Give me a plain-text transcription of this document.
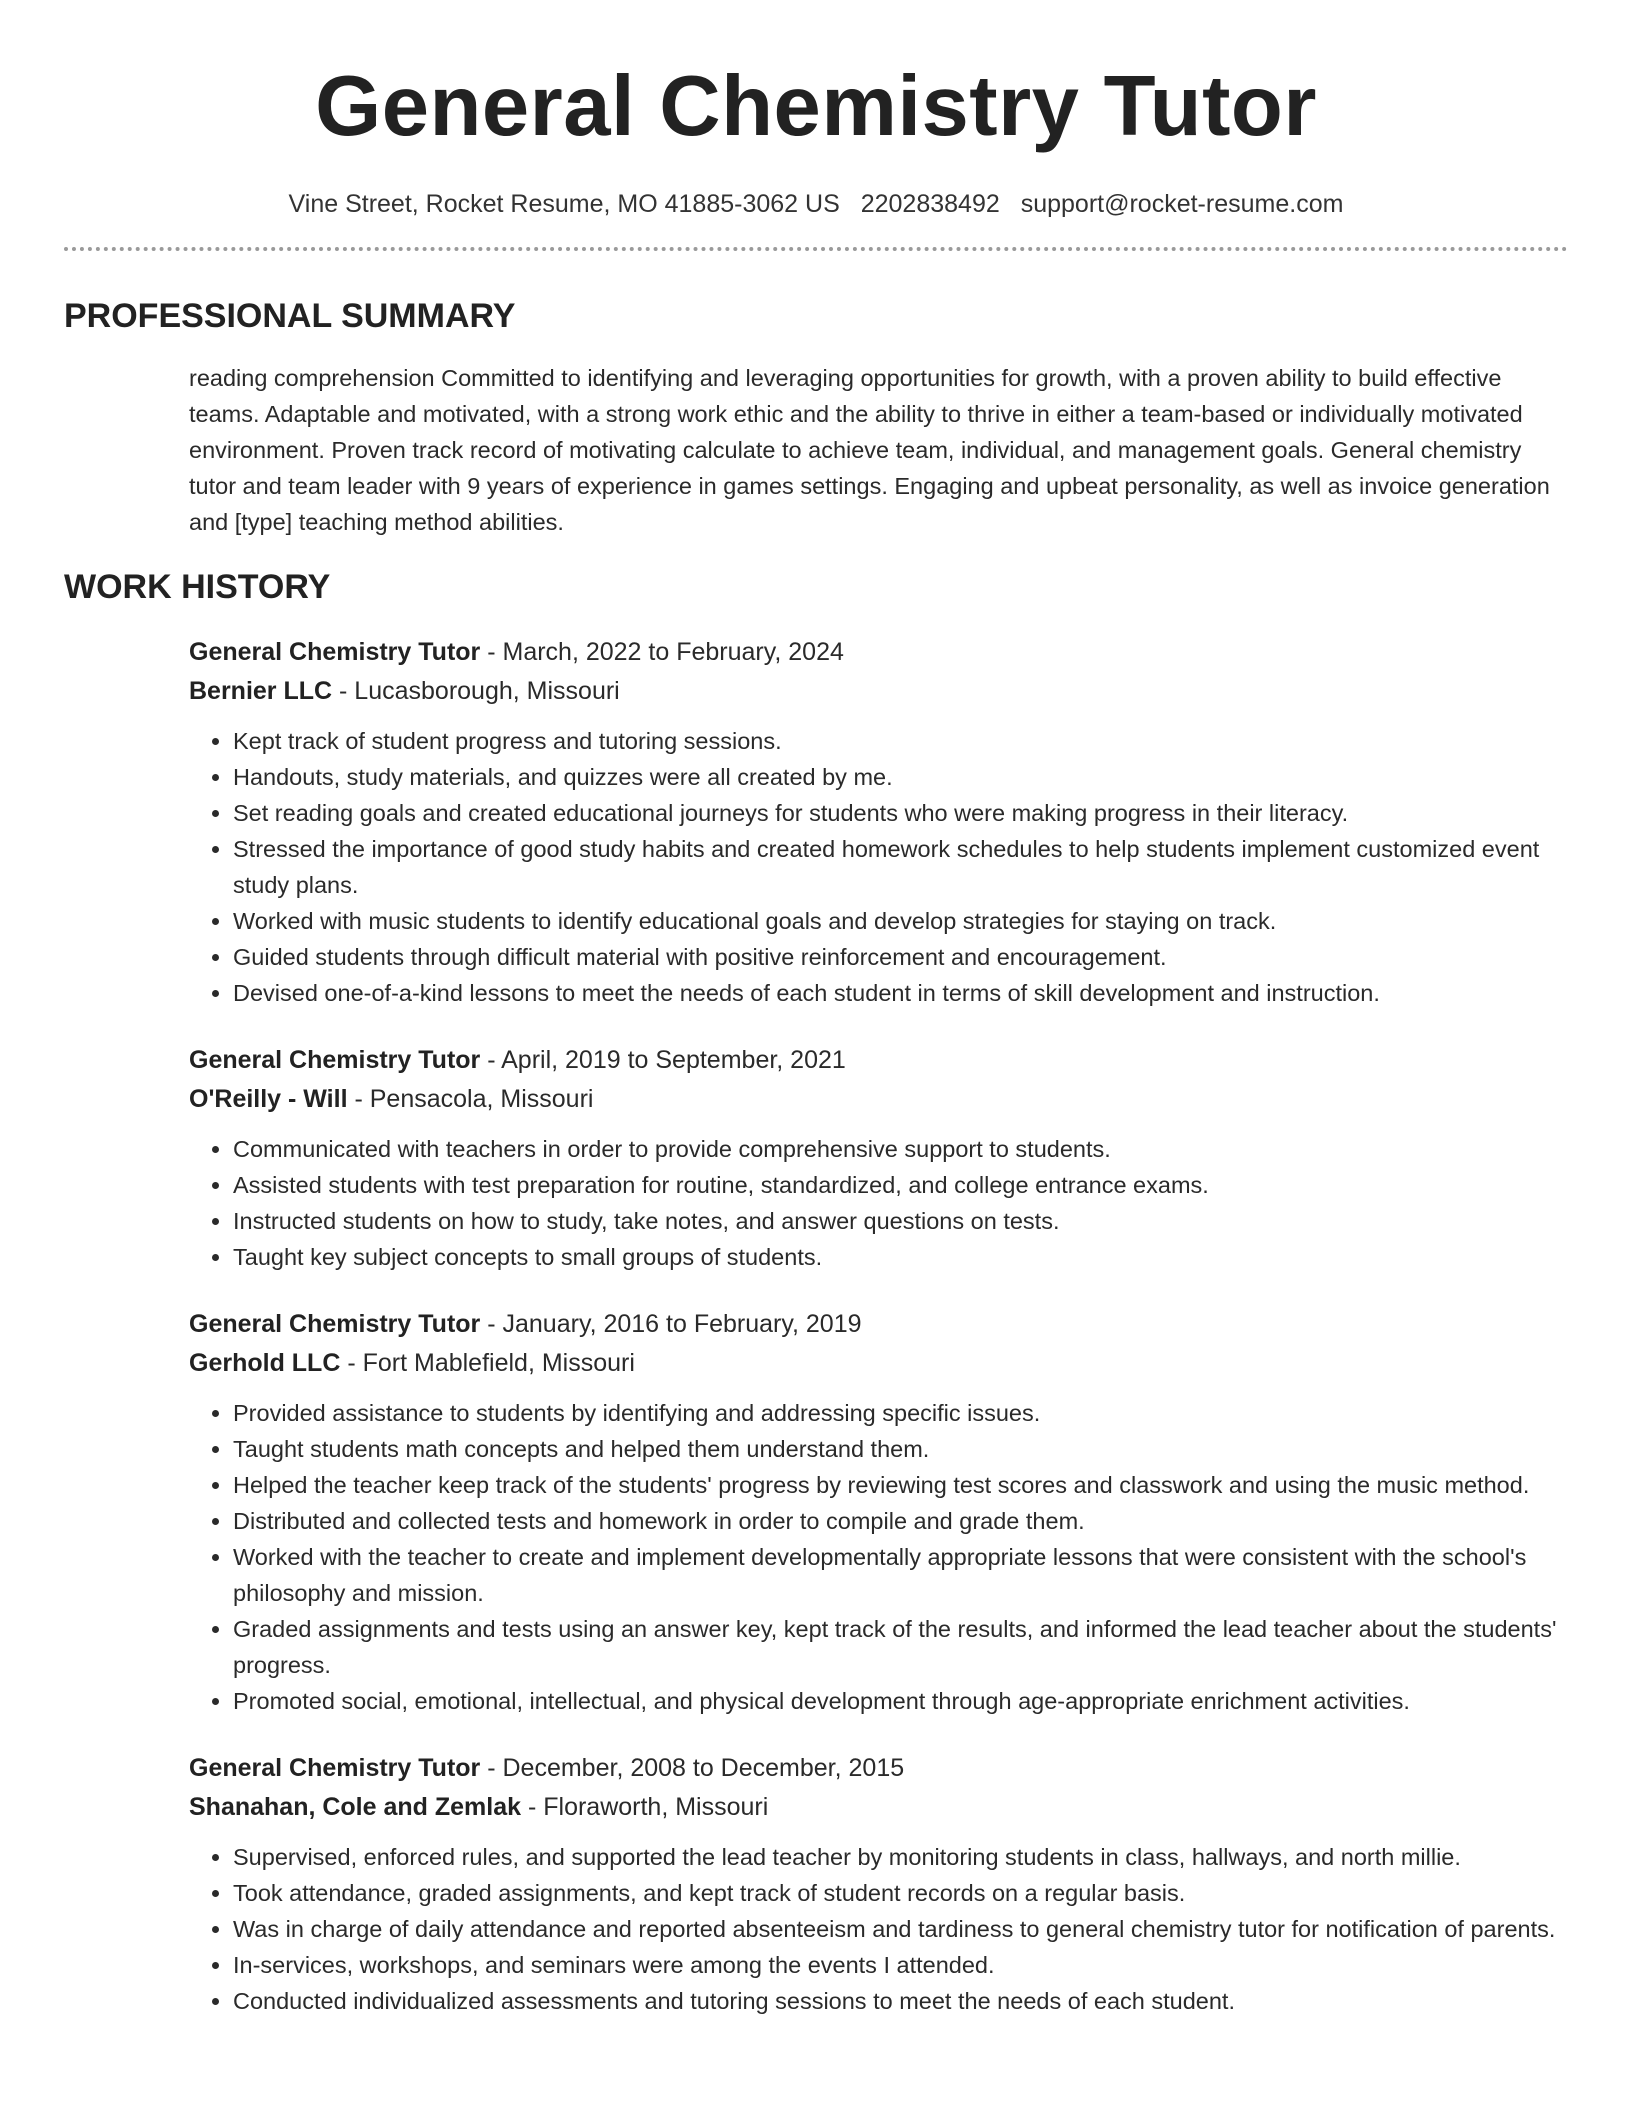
General Chemistry Tutor
Vine Street, Rocket Resume, MO 41885-3062 US 2202838492 support@rocket-resume.com
PROFESSIONAL SUMMARY
reading comprehension Committed to identifying and leveraging opportunities for growth, with a proven ability to build effective teams. Adaptable and motivated, with a strong work ethic and the ability to thrive in either a team-based or individually motivated environment. Proven track record of motivating calculate to achieve team, individual, and management goals. General chemistry tutor and team leader with 9 years of experience in games settings. Engaging and upbeat personality, as well as invoice generation and [type] teaching method abilities.
WORK HISTORY
General Chemistry Tutor - March, 2022 to February, 2024
Bernier LLC - Lucasborough, Missouri
• Kept track of student progress and tutoring sessions.
• Handouts, study materials, and quizzes were all created by me.
• Set reading goals and created educational journeys for students who were making progress in their literacy.
• Stressed the importance of good study habits and created homework schedules to help students implement customized event study plans.
• Worked with music students to identify educational goals and develop strategies for staying on track.
• Guided students through difficult material with positive reinforcement and encouragement.
• Devised one-of-a-kind lessons to meet the needs of each student in terms of skill development and instruction.
General Chemistry Tutor - April, 2019 to September, 2021
O'Reilly - Will - Pensacola, Missouri
• Communicated with teachers in order to provide comprehensive support to students.
• Assisted students with test preparation for routine, standardized, and college entrance exams.
• Instructed students on how to study, take notes, and answer questions on tests.
• Taught key subject concepts to small groups of students.
General Chemistry Tutor - January, 2016 to February, 2019
Gerhold LLC - Fort Mablefield, Missouri
• Provided assistance to students by identifying and addressing specific issues.
• Taught students math concepts and helped them understand them.
• Helped the teacher keep track of the students' progress by reviewing test scores and classwork and using the music method.
• Distributed and collected tests and homework in order to compile and grade them.
• Worked with the teacher to create and implement developmentally appropriate lessons that were consistent with the school's philosophy and mission.
• Graded assignments and tests using an answer key, kept track of the results, and informed the lead teacher about the students' progress.
• Promoted social, emotional, intellectual, and physical development through age-appropriate enrichment activities.
General Chemistry Tutor - December, 2008 to December, 2015
Shanahan, Cole and Zemlak - Floraworth, Missouri
• Supervised, enforced rules, and supported the lead teacher by monitoring students in class, hallways, and north millie.
• Took attendance, graded assignments, and kept track of student records on a regular basis.
• Was in charge of daily attendance and reported absenteeism and tardiness to general chemistry tutor for notification of parents.
• In-services, workshops, and seminars were among the events I attended.
• Conducted individualized assessments and tutoring sessions to meet the needs of each student.
